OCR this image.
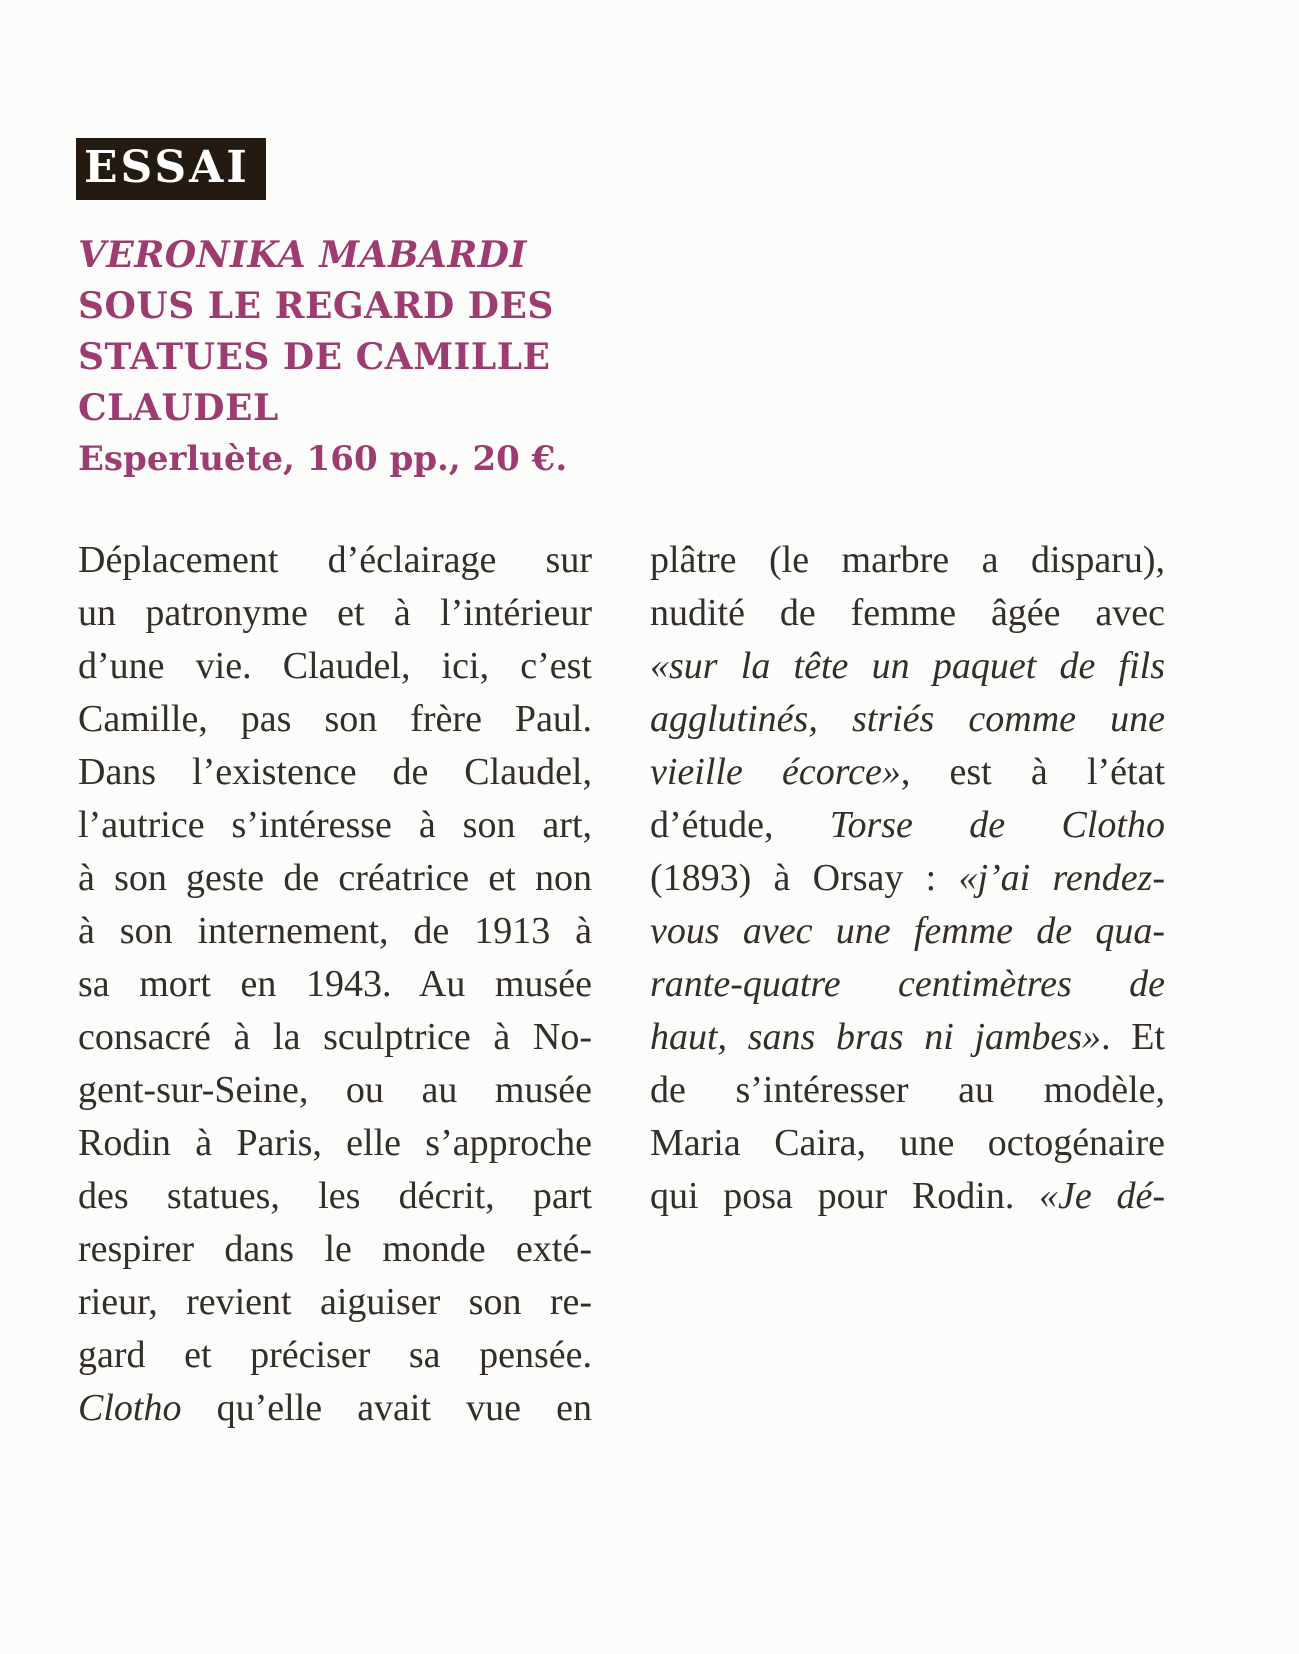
ESSAI
VERONIKA MABARDI
SOUS LE REGARD DES
STATUES DE CAMILLE
CLAUDEL
Esperluète, 160 pp., 20 €.
Déplacement d’éclairage sur
un patronyme et à l’intérieur
d’une vie. Claudel, ici, c’est
Camille, pas son frère Paul.
Dans l’existence de Claudel,
l’autrice s’intéresse à son art,
à son geste de créatrice et non
à son internement, de 1913 à
sa mort en 1943. Au musée
consacré à la sculptrice à No-
gent-sur-Seine, ou au musée
Rodin à Paris, elle s’approche
des statues, les décrit, part
respirer dans le monde exté-
rieur, revient aiguiser son re-
gard et préciser sa pensée.
Clotho qu’elle avait vue en
plâtre (le marbre a disparu),
nudité de femme âgée avec
«sur la tête un paquet de fils
agglutinés, striés comme une
vieille écorce», est à l’état
d’étude, Torse de Clotho
(1893) à Orsay : «j’ai rendez-
vous avec une femme de qua-
rante-quatre centimètres de
haut, sans bras ni jambes». Et
de s’intéresser au modèle,
Maria Caira, une octogénaire
qui posa pour Rodin. «Je dé-
